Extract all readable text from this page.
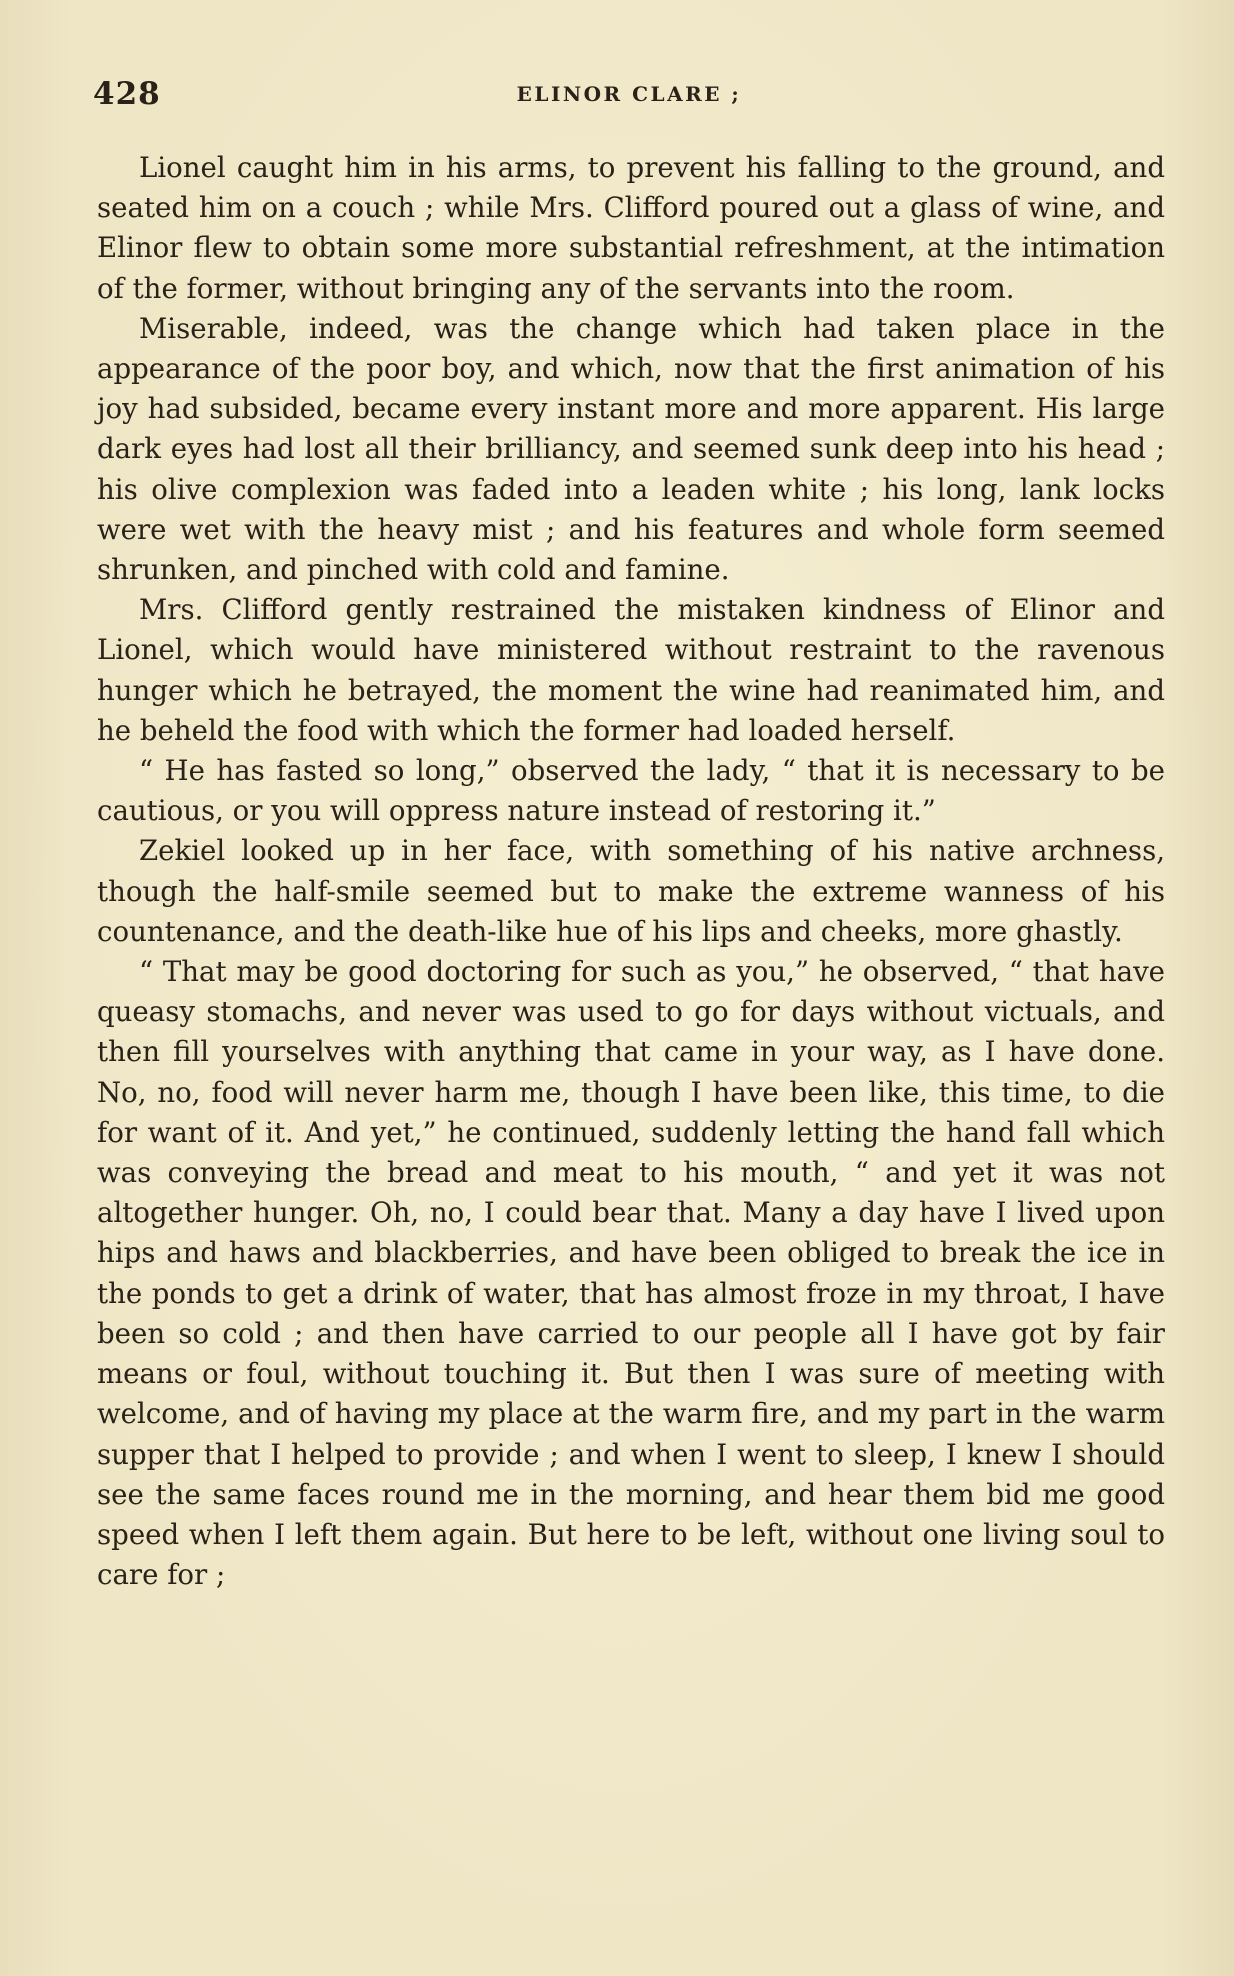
428	ELINOR CLARE ;

Lionel caught him in his arms, to prevent his falling to the ground, and seated him on a couch ; while Mrs. Clifford poured out a glass of wine, and Elinor flew to obtain some more substantial refreshment, at the intimation of the former, without bringing any of the servants into the room.

Miserable, indeed, was the change which had taken place in the appearance of the poor boy, and which, now that the first animation of his joy had subsided, became every instant more and more apparent. His large dark eyes had lost all their brilliancy, and seemed sunk deep into his head ; his olive complexion was faded into a leaden white ; his long, lank locks were wet with the heavy mist ; and his features and whole form seemed shrunken, and pinched with cold and famine.

Mrs. Clifford gently restrained the mistaken kindness of Elinor and Lionel, which would have ministered without restraint to the ravenous hunger which he betrayed, the moment the wine had reanimated him, and he beheld the food with which the former had loaded herself.

“ He has fasted so long,” observed the lady, “ that it is necessary to be cautious, or you will oppress nature instead of restoring it.”

Zekiel looked up in her face, with something of his native archness, though the half-smile seemed but to make the extreme wanness of his countenance, and the death-like hue of his lips and cheeks, more ghastly.

“ That may be good doctoring for such as you,” he observed, “ that have queasy stomachs, and never was used to go for days without victuals, and then fill yourselves with anything that came in your way, as I have done. No, no, food will never harm me, though I have been like, this time, to die for want of it. And yet,” he continued, suddenly letting the hand fall which was conveying the bread and meat to his mouth, “ and yet it was not altogether hunger. Oh, no, I could bear that. Many a day have I lived upon hips and haws and blackberries, and have been obliged to break the ice in the ponds to get a drink of water, that has almost froze in my throat, I have been so cold ; and then have carried to our people all I have got by fair means or foul, without touching it. But then I was sure of meeting with welcome, and of having my place at the warm fire, and my part in the warm supper that I helped to provide ; and when I went to sleep, I knew I should see the same faces round me in the morning, and hear them bid me good speed when I left them again. But here to be left, without one living soul to care for ;
